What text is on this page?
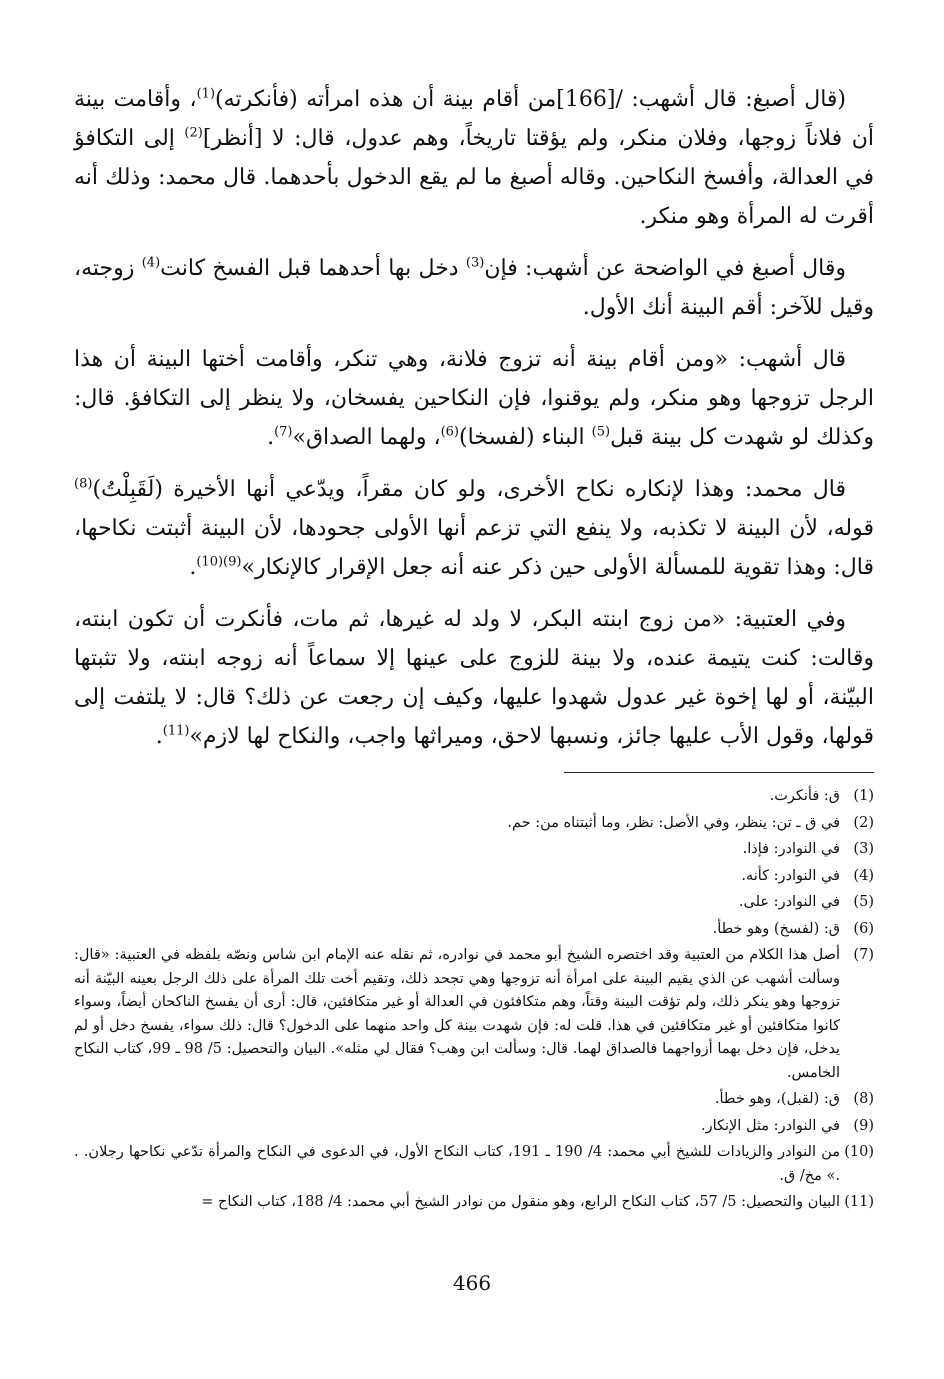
(قال أصبغ: قال أشهب: /[166]من أقام بينة أن هذه امرأته (فأنكرته)$^{(1)}$، وأقامت بينة أن فلاناً زوجها، وفلان منكر، ولم يؤقتا تاريخاً، وهم عدول، قال: لا [أنظر]$^{(2)}$ إلى التكافؤ في العدالة، وأفسخ النكاحين. وقاله أصبغ ما لم يقع الدخول بأحدهما. قال محمد: وذلك أنه أقرت له المرأة وهو منكر.

وقال أصبغ في الواضحة عن أشهب: فإن$^{(3)}$ دخل بها أحدهما قبل الفسخ كانت$^{(4)}$ زوجته، وقيل للآخر: أقم البينة أنك الأول.

قال أشهب: «ومن أقام بينة أنه تزوج فلانة، وهي تنكر، وأقامت أختها البينة أن هذا الرجل تزوجها وهو منكر، ولم يوقنوا، فإن النكاحين يفسخان، ولا ينظر إلى التكافؤ. قال: وكذلك لو شهدت كل بينة قبل$^{(5)}$ البناء (لفسخا)$^{(6)}$، ولهما الصداق»$^{(7)}$.

قال محمد: وهذا لإنكاره نكاح الأخرى، ولو كان مقراً، ويدّعي أنها الأخيرة (لَقَبِلْتُ)$^{(8)}$ قوله، لأن البينة لا تكذبه، ولا ينفع التي تزعم أنها الأولى جحودها، لأن البينة أثبتت نكاحها، قال: وهذا تقوية للمسألة الأولى حين ذكر عنه أنه جعل الإقرار كالإنكار»$^{(9)(10)}$.

وفي العتبية: «من زوج ابنته البكر، لا ولد له غيرها، ثم مات، فأنكرت أن تكون ابنته، وقالت: كنت يتيمة عنده، ولا بينة للزوج على عينها إلا سماعاً أنه زوجه ابنته، ولا تثبتها البيّنة، أو لها إخوة غير عدول شهدوا عليها، وكيف إن رجعت عن ذلك؟ قال: لا يلتفت إلى قولها، وقول الأب عليها جائز، ونسبها لاحق، وميراثها واجب، والنكاح لها لازم»$^{(11)}$.

(1)
ق: فأنكرت.
(2)
في ق ـ تن: ينظر، وفي الأصل: نظر، وما أثبتناه من: حم.
(3)
في النوادر: فإذا.
(4)
في النوادر: كأنه.
(5)
في النوادر: على.
(6)
ق: (لفسخ) وهو خطأ.
(7)
أصل هذا الكلام من العتبية وقد اختصره الشيخ أبو محمد في نوادره، ثم نقله عنه الإمام ابن شاس ونصّه بلفظه في العتبية: «قال: وسألت أشهب عن الذي يقيم البينة على امرأة أنه تزوجها وهي تجحد ذلك، وتقيم أخت تلك المرأة على ذلك الرجل بعينه البيّنة أنه تزوجها وهو ينكر ذلك، ولم تؤقت البينة وقتاً، وهم متكافئون في العدالة أو غير متكافئين، قال: أرى أن يفسخ الناكحان أيضاً، وسواء كانوا متكافئين أو غير متكافئين في هذا. قلت له: فإن شهدت بينة كل واحد منهما على الدخول؟ قال: ذلك سواء، يفسخ دخل أو لم يدخل، فإن دخل بهما أزواجهما فالصداق لهما. قال: وسألت ابن وهب؟ فقال لي مثله». البيان والتحصيل: 5/ 98 ـ 99، كتاب النكاح الخامس.
(8)
ق: (لقبل)، وهو خطأ.
(9)
في النوادر: مثل الإنكار.
(10)
من النوادر والزيادات للشيخ أبي محمد: 4/ 190 ـ 191، كتاب النكاح الأول، في الدعوى في النكاح والمرأة تدّعي نكاحها رجلان. . .» مخ/ ق.
(11)
البيان والتحصيل: 5/ 57، كتاب النكاح الرابع، وهو منقول من نوادر الشيخ أبي محمد: 4/ 188، كتاب النكاح =
466
